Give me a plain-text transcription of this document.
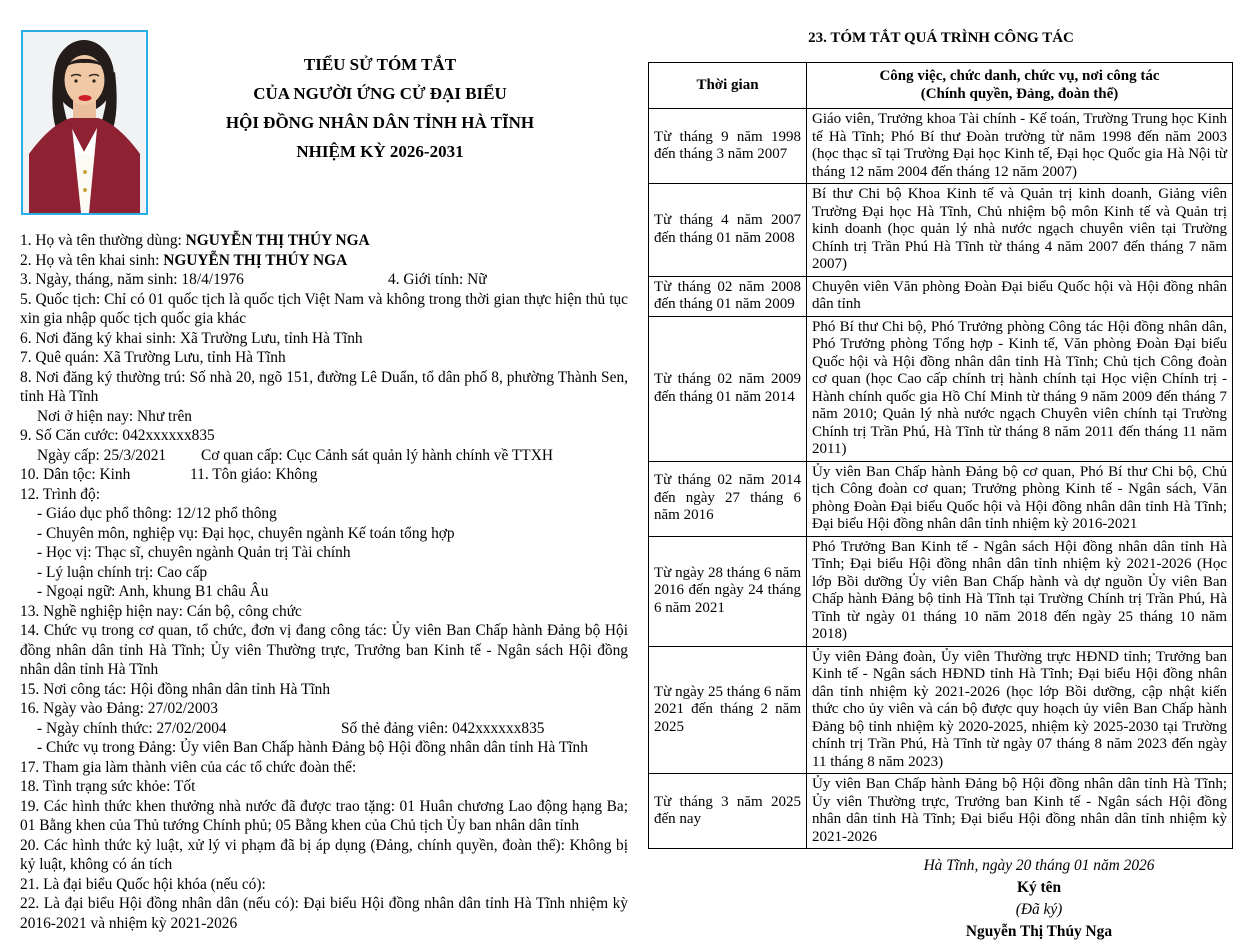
TIỂU SỬ TÓM TẮT
CỦA NGƯỜI ỨNG CỬ ĐẠI BIỂU
HỘI ĐỒNG NHÂN DÂN TỈNH HÀ TĨNH
NHIỆM KỲ 2026-2031

1. Họ và tên thường dùng: NGUYỄN THỊ THÚY NGA

2. Họ và tên khai sinh: NGUYỄN THỊ THÚY NGA

3. Ngày, tháng, năm sinh: 18/4/1976	4. Giới tính: Nữ

5. Quốc tịch: Chỉ có 01 quốc tịch là quốc tịch Việt Nam và không trong thời gian thực hiện thủ tục xin gia nhập quốc tịch quốc gia khác

6. Nơi đăng ký khai sinh: Xã Trường Lưu, tỉnh Hà Tĩnh

7. Quê quán: Xã Trường Lưu, tỉnh Hà Tĩnh

8. Nơi đăng ký thường trú: Số nhà 20, ngõ 151, đường Lê Duẩn, tổ dân phố 8, phường Thành Sen, tỉnh Hà Tĩnh

Nơi ở hiện nay: Như trên

9. Số Căn cước: 042xxxxxx835

Ngày cấp: 25/3/2021 Cơ quan cấp: Cục Cảnh sát quản lý hành chính về TTXH

10. Dân tộc: Kinh	11. Tôn giáo: Không

12. Trình độ:

- Giáo dục phổ thông: 12/12 phổ thông

- Chuyên môn, nghiệp vụ: Đại học, chuyên ngành Kế toán tổng hợp

- Học vị: Thạc sĩ, chuyên ngành Quản trị Tài chính

- Lý luận chính trị: Cao cấp

- Ngoại ngữ: Anh, khung B1 châu Âu

13. Nghề nghiệp hiện nay: Cán bộ, công chức

14. Chức vụ trong cơ quan, tổ chức, đơn vị đang công tác: Ủy viên Ban Chấp hành Đảng bộ Hội đồng nhân dân tỉnh Hà Tĩnh; Ủy viên Thường trực, Trưởng ban Kinh tế - Ngân sách Hội đồng nhân dân tỉnh Hà Tĩnh

15. Nơi công tác: Hội đồng nhân dân tỉnh Hà Tĩnh

16. Ngày vào Đảng: 27/02/2003

- Ngày chính thức: 27/02/2004	Số thẻ đảng viên: 042xxxxxx835

- Chức vụ trong Đảng: Ủy viên Ban Chấp hành Đảng bộ Hội đồng nhân dân tỉnh Hà Tĩnh

17. Tham gia làm thành viên của các tổ chức đoàn thể:

18. Tình trạng sức khỏe: Tốt

19. Các hình thức khen thưởng nhà nước đã được trao tặng: 01 Huân chương Lao động hạng Ba; 01 Bằng khen của Thủ tướng Chính phủ; 05 Bằng khen của Chủ tịch Ủy ban nhân dân tỉnh

20. Các hình thức kỷ luật, xử lý vi phạm đã bị áp dụng (Đảng, chính quyền, đoàn thể): Không bị kỷ luật, không có án tích

21. Là đại biểu Quốc hội khóa (nếu có):

22. Là đại biểu Hội đồng nhân dân (nếu có): Đại biểu Hội đồng nhân dân tỉnh Hà Tĩnh nhiệm kỳ 2016-2021 và nhiệm kỳ 2021-2026

23. TÓM TẮT QUÁ TRÌNH CÔNG TÁC
Thời gian	Công việc, chức danh, chức vụ, nơi công tác
(Chính quyền, Đảng, đoàn thể)

Từ tháng 9 năm 1998 đến tháng 3 năm 2007	Giáo viên, Trưởng khoa Tài chính - Kế toán, Trường Trung học Kinh tế Hà Tĩnh; Phó Bí thư Đoàn trường từ năm 1998 đến năm 2003 (học thạc sĩ tại Trường Đại học Kinh tế, Đại học Quốc gia Hà Nội từ tháng 12 năm 2004 đến tháng 12 năm 2007)
Từ tháng 4 năm 2007 đến tháng 01 năm 2008	Bí thư Chi bộ Khoa Kinh tế và Quản trị kinh doanh, Giảng viên Trường Đại học Hà Tĩnh, Chủ nhiệm bộ môn Kinh tế và Quản trị kinh doanh (học quản lý nhà nước ngạch chuyên viên tại Trường Chính trị Trần Phú Hà Tĩnh từ tháng 4 năm 2007 đến tháng 7 năm 2007)
Từ tháng 02 năm 2008 đến tháng 01 năm 2009	Chuyên viên Văn phòng Đoàn Đại biểu Quốc hội và Hội đồng nhân dân tỉnh
Từ tháng 02 năm 2009 đến tháng 01 năm 2014	Phó Bí thư Chi bộ, Phó Trưởng phòng Công tác Hội đồng nhân dân, Phó Trưởng phòng Tổng hợp - Kinh tế, Văn phòng Đoàn Đại biểu Quốc hội và Hội đồng nhân dân tỉnh Hà Tĩnh; Chủ tịch Công đoàn cơ quan (học Cao cấp chính trị hành chính tại Học viện Chính trị - Hành chính quốc gia Hồ Chí Minh từ tháng 9 năm 2009 đến tháng 7 năm 2010; Quản lý nhà nước ngạch Chuyên viên chính tại Trường Chính trị Trần Phú, Hà Tĩnh từ tháng 8 năm 2011 đến tháng 11 năm 2011)
Từ tháng 02 năm 2014 đến ngày 27 tháng 6 năm 2016	Ủy viên Ban Chấp hành Đảng bộ cơ quan, Phó Bí thư Chi bộ, Chủ tịch Công đoàn cơ quan; Trưởng phòng Kinh tế - Ngân sách, Văn phòng Đoàn Đại biểu Quốc hội và Hội đồng nhân dân tỉnh Hà Tĩnh; Đại biểu Hội đồng nhân dân tỉnh nhiệm kỳ 2016-2021
Từ ngày 28 tháng 6 năm 2016 đến ngày 24 tháng 6 năm 2021	Phó Trưởng Ban Kinh tế - Ngân sách Hội đồng nhân dân tỉnh Hà Tĩnh; Đại biểu Hội đồng nhân dân tỉnh nhiệm kỳ 2021-2026 (Học lớp Bồi dưỡng Ủy viên Ban Chấp hành và dự nguồn Ủy viên Ban Chấp hành Đảng bộ tỉnh Hà Tĩnh tại Trường Chính trị Trần Phú, Hà Tĩnh từ ngày 01 tháng 10 năm 2018 đến ngày 25 tháng 10 năm 2018)
Từ ngày 25 tháng 6 năm 2021 đến tháng 2 năm 2025	Ủy viên Đảng đoàn, Ủy viên Thường trực HĐND tỉnh; Trưởng ban Kinh tế - Ngân sách HĐND tỉnh Hà Tĩnh; Đại biểu Hội đồng nhân dân tỉnh nhiệm kỳ 2021-2026 (học lớp Bồi dưỡng, cập nhật kiến thức cho ủy viên và cán bộ được quy hoạch ủy viên Ban Chấp hành Đảng bộ tỉnh nhiệm kỳ 2020-2025, nhiệm kỳ 2025-2030 tại Trường chính trị Trần Phú, Hà Tĩnh từ ngày 07 tháng 8 năm 2023 đến ngày 11 tháng 8 năm 2023)
Từ tháng 3 năm 2025 đến nay	Ủy viên Ban Chấp hành Đảng bộ Hội đồng nhân dân tỉnh Hà Tĩnh; Ủy viên Thường trực, Trưởng ban Kinh tế - Ngân sách Hội đồng nhân dân tỉnh Hà Tĩnh; Đại biểu Hội đồng nhân dân tỉnh nhiệm kỳ 2021-2026
Hà Tĩnh, ngày 20 tháng 01 năm 2026
Ký tên
(Đã ký)
Nguyễn Thị Thúy Nga
